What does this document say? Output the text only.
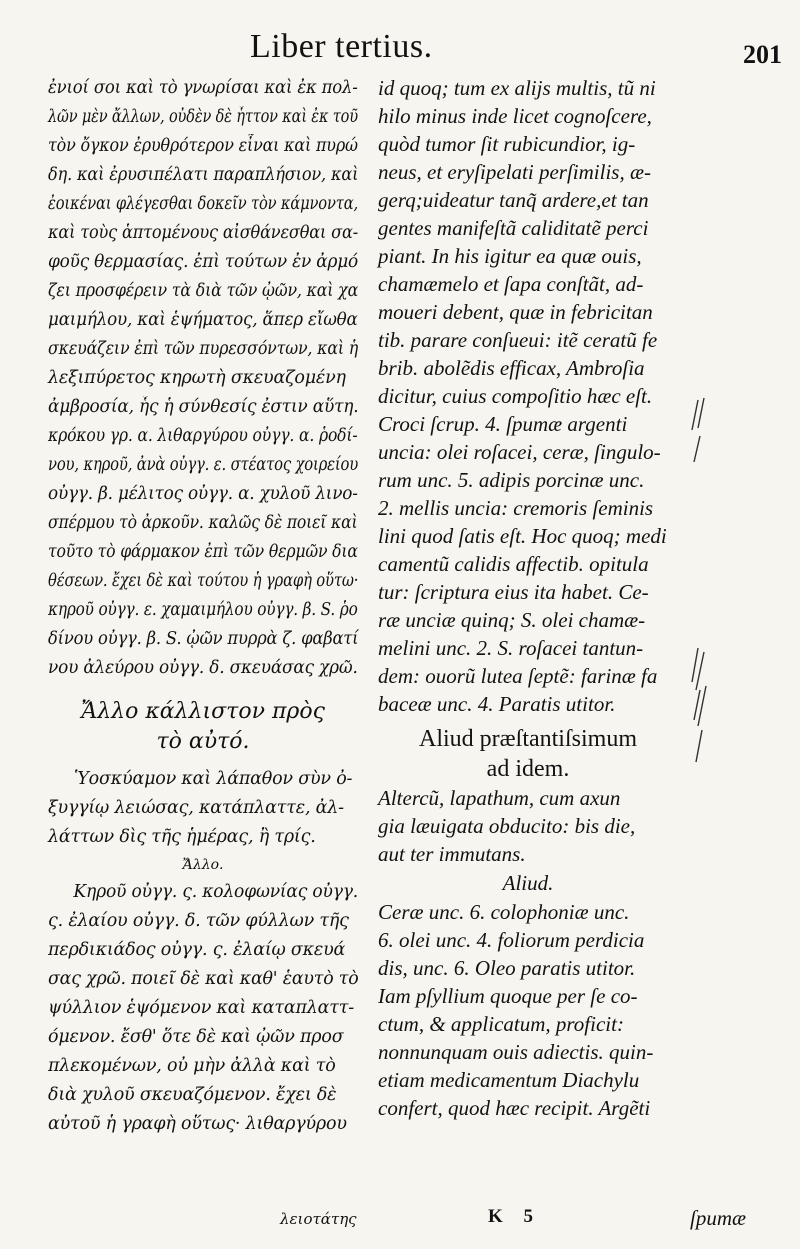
Liber tertius.	201
ἐνιοί σοι καὶ τὸ γνωρίσαι καὶ ἐκ πολ-
λῶν μὲν ἄλλων, οὐδὲν δὲ ἧττον καὶ ἐκ τοῦ
τὸν ὄγκον ἐρυθρότερον εἶναι καὶ πυρώ
δη. καὶ ἐρυσιπέλατι παραπλήσιον, καὶ
ἐοικέναι φλέγεσθαι δοκεῖν τὸν κάμνοντα,
καὶ τοὺς ἁπτομένους αἰσθάνεσθαι σα-
φοῦς θερμασίας. ἐπὶ τούτων ἐν ἀρμό
ζει προσφέρειν τὰ διὰ τῶν ᾠῶν, καὶ χα
μαιμήλου, καὶ ἑψήματος, ἅπερ εἴωθα
σκευάζειν ἐπὶ τῶν πυρεσσόντων, καὶ ἡ
λεξιπύρετος κηρωτὴ σκευαζομένη
ἀμβροσία, ἧς ἡ σύνθεσίς ἐστιν αὕτη.
κρόκου γρ. α. λιθαργύρου οὐγγ. α. ῥοδί-
νου, κηροῦ, ἀνὰ οὐγγ. ε. στέατος χοιρείου
οὐγγ. β. μέλιτος οὐγγ. α. χυλοῦ λινο-
σπέρμου τὸ ἀρκοῦν. καλῶς δὲ ποιεῖ καὶ
τοῦτο τὸ φάρμακον ἐπὶ τῶν θερμῶν δια
θέσεων. ἔχει δὲ καὶ τούτου ἡ γραφὴ οὕτω·
κηροῦ οὐγγ. ε. χαμαιμήλου οὐγγ. β. S. ῥο
δίνου οὐγγ. β. S. ᾠῶν πυρρὰ ζ. φαβατί
νου ἀλεύρου οὐγγ. δ. σκευάσας χρῶ.
Ἄλλο κάλλιστον πρὸς
τὸ αὐτό.
Ὑοσκύαμον καὶ λάπαθον σὺν ὀ-
ξυγγίῳ λειώσας, κατάπλαττε, ἀλ-
λάττων δὶς τῆς ἡμέρας, ἢ τρίς.
Ἄλλο.
Κηροῦ οὐγγ. ς. κολοφωνίας οὐγγ.
ς. ἐλαίου οὐγγ. δ. τῶν φύλλων τῆς
περδικιάδος οὐγγ. ς. ἐλαίῳ σκευά
σας χρῶ. ποιεῖ δὲ καὶ καθ' ἑαυτὸ τὸ
ψύλλιον ἑψόμενον καὶ καταπλαττ-
όμενον. ἔσθ' ὅτε δὲ καὶ ᾠῶν προσ
πλεκομένων, οὐ μὴν ἀλλὰ καὶ τὸ
διὰ χυλοῦ σκευαζόμενον. ἔχει δὲ
αὐτοῦ ἡ γραφὴ οὕτως· λιθαργύρου
id quoq; tum ex alijs multis, tũ ni
hilo minus inde licet cognoſcere,
quòd tumor ſit rubicundior, ig-
neus, et eryſipelati perſimilis, æ-
gerq;uideatur tanq̃ ardere,et tan
gentes manifeſtã caliditatẽ perci
piant. In his igitur ea quæ ouis,
chamæmelo et ſapa conſtãt, ad-
moueri debent, quæ in febricitan
tib. parare conſueui: itẽ ceratũ fe
brib. abolẽdis efficax, Ambroſia
dicitur, cuius compoſitio hæc eſt.
Croci ſcrup. 4. ſpumæ argenti
uncia: olei roſacei, ceræ, ſingulo-
rum unc. 5. adipis porcinæ unc.
2. mellis uncia: cremoris ſeminis
lini quod ſatis eſt. Hoc quoq; medi
camentũ calidis affectib. opitula
tur: ſcriptura eius ita habet. Ce-
ræ unciæ quinq; S. olei chamæ-
melini unc. 2. S. roſacei tantun-
dem: ouorũ lutea ſeptẽ: farinæ fa
baceæ unc. 4. Paratis utitor.
Aliud præſtantiſsimum
ad idem.
Altercũ, lapathum, cum axun
gia læuigata obducito: bis die,
aut ter immutans.
Aliud.
Ceræ unc. 6. colophoniæ unc.
6. olei unc. 4. foliorum perdicia
dis, unc. 6. Oleo paratis utitor.
Iam pſyllium quoque per ſe co-
ctum, & applicatum, proficit:
nonnunquam ouis adiectis. quin-
etiam medicamentum Diachylu
confert, quod hæc recipit. Argẽti
λειοτάτης	K 5	ſpumæ
